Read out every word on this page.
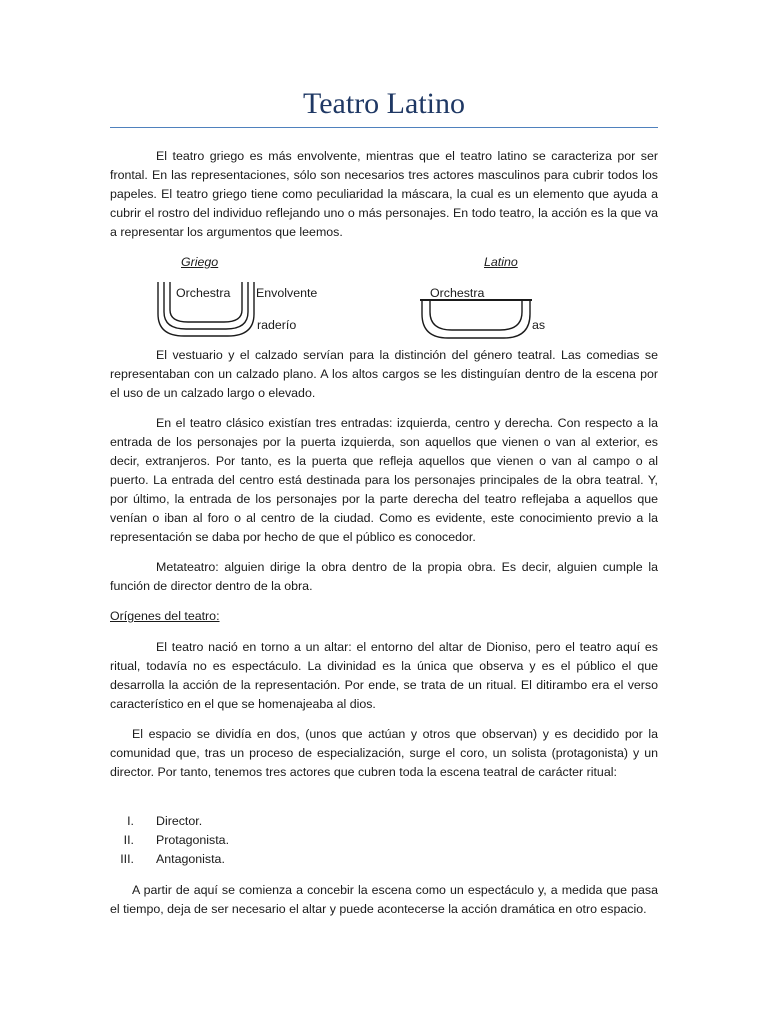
Teatro Latino

El teatro griego es más envolvente, mientras que el teatro latino se caracteriza por ser frontal. En las representaciones, sólo son necesarios tres actores masculinos para cubrir todos los papeles. El teatro griego tiene como peculiaridad la máscara, la cual es un elemento que ayuda a cubrir el rostro del individuo reflejando uno o más personajes. En todo teatro, la acción es la que va a representar los argumentos que leemos.

Griego	Latino
Orchestra Envolvente
raderío
Orchestra
as

El vestuario y el calzado servían para la distinción del género teatral. Las comedias se representaban con un calzado plano. A los altos cargos se les distinguían dentro de la escena por el uso de un calzado largo o elevado.

En el teatro clásico existían tres entradas: izquierda, centro y derecha. Con respecto a la entrada de los personajes por la puerta izquierda, son aquellos que vienen o van al exterior, es decir, extranjeros. Por tanto, es la puerta que refleja aquellos que vienen o van al campo o al puerto. La entrada del centro está destinada para los personajes principales de la obra teatral. Y, por último, la entrada de los personajes por la parte derecha del teatro reflejaba a aquellos que venían o iban al foro o al centro de la ciudad. Como es evidente, este conocimiento previo a la representación se daba por hecho de que el público es conocedor.

Metateatro: alguien dirige la obra dentro de la propia obra. Es decir, alguien cumple la función de director dentro de la obra.

Orígenes del teatro:

El teatro nació en torno a un altar: el entorno del altar de Dioniso, pero el teatro aquí es ritual, todavía no es espectáculo. La divinidad es la única que observa y es el público el que desarrolla la acción de la representación. Por ende, se trata de un ritual. El ditirambo era el verso característico en el que se homenajeaba al dios.

El espacio se dividía en dos, (unos que actúan y otros que observan) y es decidido por la comunidad que, tras un proceso de especialización, surge el coro, un solista (protagonista) y un director. Por tanto, tenemos tres actores que cubren toda la escena teatral de carácter ritual:

I. Director.
II. Protagonista.
III. Antagonista.

A partir de aquí se comienza a concebir la escena como un espectáculo y, a medida que pasa el tiempo, deja de ser necesario el altar y puede acontecerse la acción dramática en otro espacio.
